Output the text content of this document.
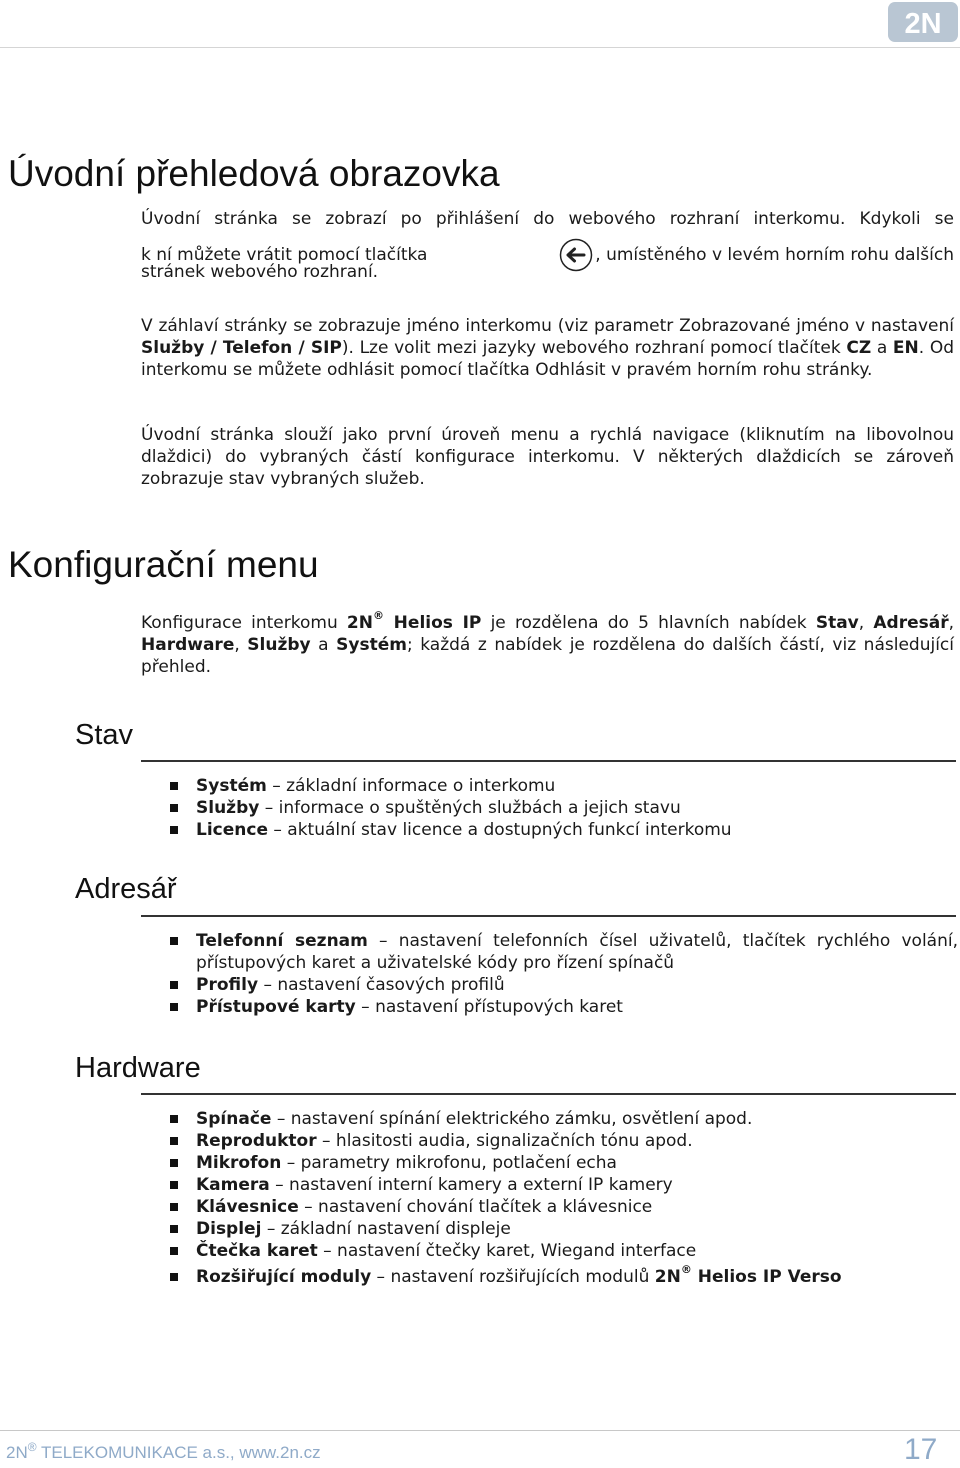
2N
Úvodní přehledová obrazovka

Úvodní stránka se zobrazí po přihlášení do webového rozhraní interkomu. Kdykoli se
k ní můžete vrátit pomocí tlačítka	, umístěného v levém horním rohu dalších
stránek webového rozhraní.

V záhlaví stránky se zobrazuje jméno interkomu (viz parametr Zobrazované jméno v nastavení Služby / Telefon / SIP). Lze volit mezi jazyky webového rozhraní pomocí tlačítek CZ a EN. Od interkomu se můžete odhlásit pomocí tlačítka Odhlásit v pravém horním rohu stránky.

Úvodní stránka slouží jako první úroveň menu a rychlá navigace (kliknutím na libovolnou dlaždici) do vybraných částí konfigurace interkomu. V některých dlaždicích se zároveň zobrazuje stav vybraných služeb.

Konfigurační menu

Konfigurace interkomu 2N® Helios IP je rozdělena do 5 hlavních nabídek Stav, Adresář, Hardware, Služby a Systém; každá z nabídek je rozdělena do dalších částí, viz následující přehled.

Stav
Systém – základní informace o interkomu
Služby – informace o spuštěných službách a jejich stavu
Licence – aktuální stav licence a dostupných funkcí interkomu
Adresář
Telefonní seznam – nastavení telefonních čísel uživatelů, tlačítek rychlého volání, přístupových karet a uživatelské kódy pro řízení spínačů
Profily – nastavení časových profilů
Přístupové karty – nastavení přístupových karet
Hardware
Spínače – nastavení spínání elektrického zámku, osvětlení apod.
Reproduktor – hlasitosti audia, signalizačních tónu apod.
Mikrofon – parametry mikrofonu, potlačení echa
Kamera – nastavení interní kamery a externí IP kamery
Klávesnice – nastavení chování tlačítek a klávesnice
Displej – základní nastavení displeje
Čtečka karet – nastavení čtečky karet, Wiegand interface
Rozšiřující moduly – nastavení rozšiřujících modulů 2N® Helios IP Verso
2N® TELEKOMUNIKACE a.s., www.2n.cz	17
